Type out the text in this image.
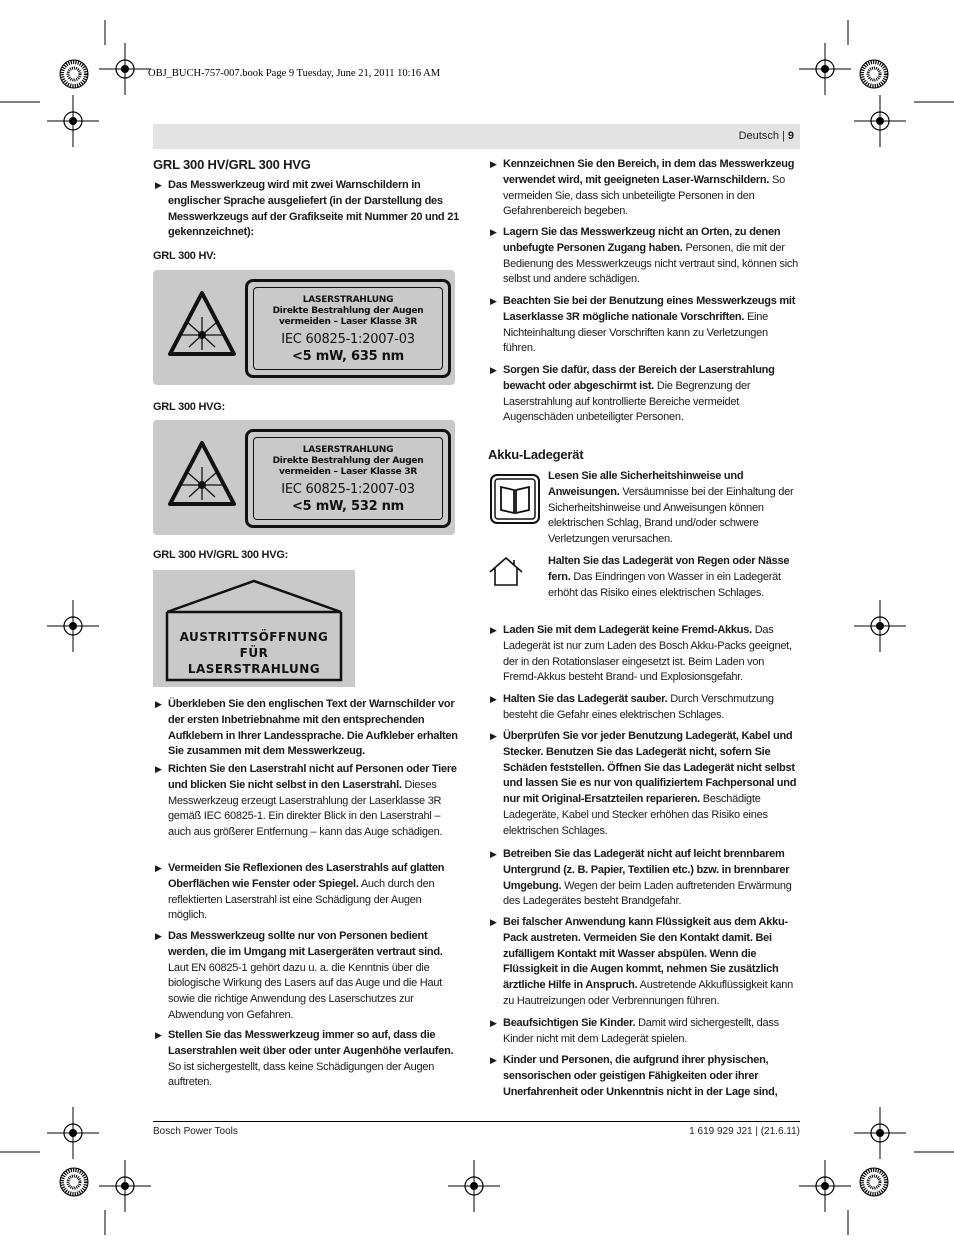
OBJ_BUCH-757-007.book Page 9 Tuesday, June 21, 2011 10:16 AM
Deutsch | 9
GRL 300 HV/GRL 300 HVG
▶ Das Messwerkzeug wird mit zwei Warnschildern in englischer Sprache ausgeliefert (in der Darstellung des Messwerkzeugs auf der Grafikseite mit Nummer 20 und 21 gekennzeichnet):
GRL 300 HV:
LASERSTRAHLUNG
Direkte Bestrahlung der Augen
vermeiden – Laser Klasse 3R
IEC 60825-1:2007-03
<5 mW, 635 nm
GRL 300 HVG:
LASERSTRAHLUNG
Direkte Bestrahlung der Augen
vermeiden – Laser Klasse 3R
IEC 60825-1:2007-03
<5 mW, 532 nm
GRL 300 HV/GRL 300 HVG:
AUSTRITTSÖFFNUNG
FÜR
LASERSTRAHLUNG
▶ Überkleben Sie den englischen Text der Warnschilder vor der ersten Inbetriebnahme mit den entsprechenden Aufklebern in Ihrer Landessprache. Die Aufkleber erhalten Sie zusammen mit dem Messwerkzeug.
▶ Richten Sie den Laserstrahl nicht auf Personen oder Tiere und blicken Sie nicht selbst in den Laserstrahl. Dieses Messwerkzeug erzeugt Laserstrahlung der Laserklasse 3R gemäß IEC 60825-1. Ein direkter Blick in den Laserstrahl – auch aus größerer Entfernung – kann das Auge schädigen.
▶ Vermeiden Sie Reflexionen des Laserstrahls auf glatten Oberflächen wie Fenster oder Spiegel. Auch durch den reflektierten Laserstrahl ist eine Schädigung der Augen möglich.
▶ Das Messwerkzeug sollte nur von Personen bedient werden, die im Umgang mit Lasergeräten vertraut sind. Laut EN 60825-1 gehört dazu u. a. die Kenntnis über die biologische Wirkung des Lasers auf das Auge und die Haut sowie die richtige Anwendung des Laserschutzes zur Abwendung von Gefahren.
▶ Stellen Sie das Messwerkzeug immer so auf, dass die Laserstrahlen weit über oder unter Augenhöhe verlaufen. So ist sichergestellt, dass keine Schädigungen der Augen auftreten.
▶ Kennzeichnen Sie den Bereich, in dem das Messwerkzeug verwendet wird, mit geeigneten Laser-Warnschildern. So vermeiden Sie, dass sich unbeteiligte Personen in den Gefahrenbereich begeben.
▶ Lagern Sie das Messwerkzeug nicht an Orten, zu denen unbefugte Personen Zugang haben. Personen, die mit der Bedienung des Messwerkzeugs nicht vertraut sind, können sich selbst und andere schädigen.
▶ Beachten Sie bei der Benutzung eines Messwerkzeugs mit Laserklasse 3R mögliche nationale Vorschriften. Eine Nichteinhaltung dieser Vorschriften kann zu Verletzungen führen.
▶ Sorgen Sie dafür, dass der Bereich der Laserstrahlung bewacht oder abgeschirmt ist. Die Begrenzung der Laserstrahlung auf kontrollierte Bereiche vermeidet Augenschäden unbeteiligter Personen.
Akku-Ladegerät
Lesen Sie alle Sicherheitshinweise und Anweisungen. Versäumnisse bei der Einhaltung der Sicherheitshinweise und Anweisungen können elektrischen Schlag, Brand und/oder schwere Verletzungen verursachen.
Halten Sie das Ladegerät von Regen oder Nässe fern. Das Eindringen von Wasser in ein Ladegerät erhöht das Risiko eines elektrischen Schlages.
▶ Laden Sie mit dem Ladegerät keine Fremd-Akkus. Das Ladegerät ist nur zum Laden des Bosch Akku-Packs geeignet, der in den Rotationslaser eingesetzt ist. Beim Laden von Fremd-Akkus besteht Brand- und Explosionsgefahr.
▶ Halten Sie das Ladegerät sauber. Durch Verschmutzung besteht die Gefahr eines elektrischen Schlages.
▶ Überprüfen Sie vor jeder Benutzung Ladegerät, Kabel und Stecker. Benutzen Sie das Ladegerät nicht, sofern Sie Schäden feststellen. Öffnen Sie das Ladegerät nicht selbst und lassen Sie es nur von qualifiziertem Fachpersonal und nur mit Original-Ersatzteilen reparieren. Beschädigte Ladegeräte, Kabel und Stecker erhöhen das Risiko eines elektrischen Schlages.
▶ Betreiben Sie das Ladegerät nicht auf leicht brennbarem Untergrund (z. B. Papier, Textilien etc.) bzw. in brennbarer Umgebung. Wegen der beim Laden auftretenden Erwärmung des Ladegerätes besteht Brandgefahr.
▶ Bei falscher Anwendung kann Flüssigkeit aus dem Akku-Pack austreten. Vermeiden Sie den Kontakt damit. Bei zufälligem Kontakt mit Wasser abspülen. Wenn die Flüssigkeit in die Augen kommt, nehmen Sie zusätzlich ärztliche Hilfe in Anspruch. Austretende Akkuflüssigkeit kann zu Hautreizungen oder Verbrennungen führen.
▶ Beaufsichtigen Sie Kinder. Damit wird sichergestellt, dass Kinder nicht mit dem Ladegerät spielen.
▶ Kinder und Personen, die aufgrund ihrer physischen, sensorischen oder geistigen Fähigkeiten oder ihrer Unerfahrenheit oder Unkenntnis nicht in der Lage sind,
Bosch Power Tools	1 619 929 J21 | (21.6.11)
